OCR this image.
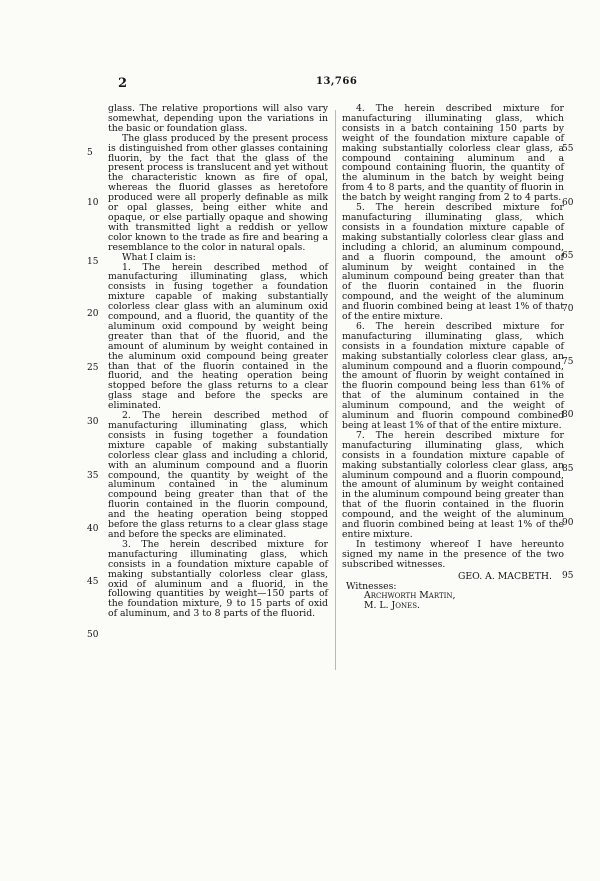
2	13,766

glass. The relative proportions will also vary somewhat, depending upon the variations in the basic or foundation glass.

The glass produced by the present process is distinguished from other glasses containing fluorin, by the fact that the glass of the present process is translucent and yet without the characteristic known as fire of opal, whereas the fluorid glasses as heretofore produced were all properly definable as milk or opal glasses, being either white and opaque, or else partially opaque and showing with transmitted light a reddish or yellow color known to the trade as fire and bearing a resemblance to the color in natural opals.

What I claim is:

1. The herein described method of manufacturing illuminating glass, which consists in fusing together a foundation mixture capable of making substantially colorless clear glass with an aluminum oxid compound, and a fluorid, the quantity of the aluminum oxid compound by weight being greater than that of the fluorid, and the amount of aluminum by weight contained in the aluminum oxid compound being greater than that of the fluorin contained in the fluorid, and the heating operation being stopped before the glass returns to a clear glass stage and before the specks are eliminated.

2. The herein described method of manufacturing illuminating glass, which consists in fusing together a foundation mixture capable of making substantially colorless clear glass and including a chlorid, with an aluminum compound and a fluorin compound, the quantity by weight of the aluminum contained in the aluminum compound being greater than that of the fluorin contained in the fluorin compound, and the heating operation being stopped before the glass returns to a clear glass stage and before the specks are eliminated.

3. The herein described mixture for manufacturing illuminating glass, which consists in a foundation mixture capable of making substantially colorless clear glass, oxid of aluminum and a fluorid, in the following quantities by weight—150 parts of the foundation mixture, 9 to 15 parts of oxid of aluminum, and 3 to 8 parts of the fluorid.

4. The herein described mixture for manufacturing illuminating glass, which consists in a batch containing 150 parts by weight of the foundation mixture capable of making substantially colorless clear glass, a compound containing aluminum and a compound containing fluorin, the quantity of the aluminum in the batch by weight being from 4 to 8 parts, and the quantity of fluorin in the batch by weight ranging from 2 to 4 parts.

5. The herein described mixture for manufacturing illuminating glass, which consists in a foundation mixture capable of making substantially colorless clear glass and including a chlorid, an aluminum compound, and a fluorin compound, the amount of aluminum by weight contained in the aluminum compound being greater than that of the fluorin contained in the fluorin compound, and the weight of the aluminum and fluorin combined being at least 1% of that of the entire mixture.

6. The herein described mixture for manufacturing illuminating glass, which consists in a foundation mixture capable of making substantially colorless clear glass, an aluminum compound and a fluorin compound, the amount of fluorin by weight contained in the fluorin compound being less than 61% of that of the aluminum contained in the aluminum compound, and the weight of aluminum and fluorin compound combined being at least 1% of that of the entire mixture.

7. The herein described mixture for manufacturing illuminating glass, which consists in a foundation mixture capable of making substantially colorless clear glass, an aluminum compound and a fluorin compound, the amount of aluminum by weight contained in the aluminum compound being greater than that of the fluorin contained in the fluorin compound, and the weight of the aluminum and fluorin combined being at least 1% of the entire mixture.

In testimony whereof I have hereunto signed my name in the presence of the two subscribed witnesses.

GEO. A. MACBETH.
Witnesses:
Archworth Martin,
M. L. Jones.
5
10
15
20
25
30
35
40
45
50
55
60
65
70
75
80
85
90
95
